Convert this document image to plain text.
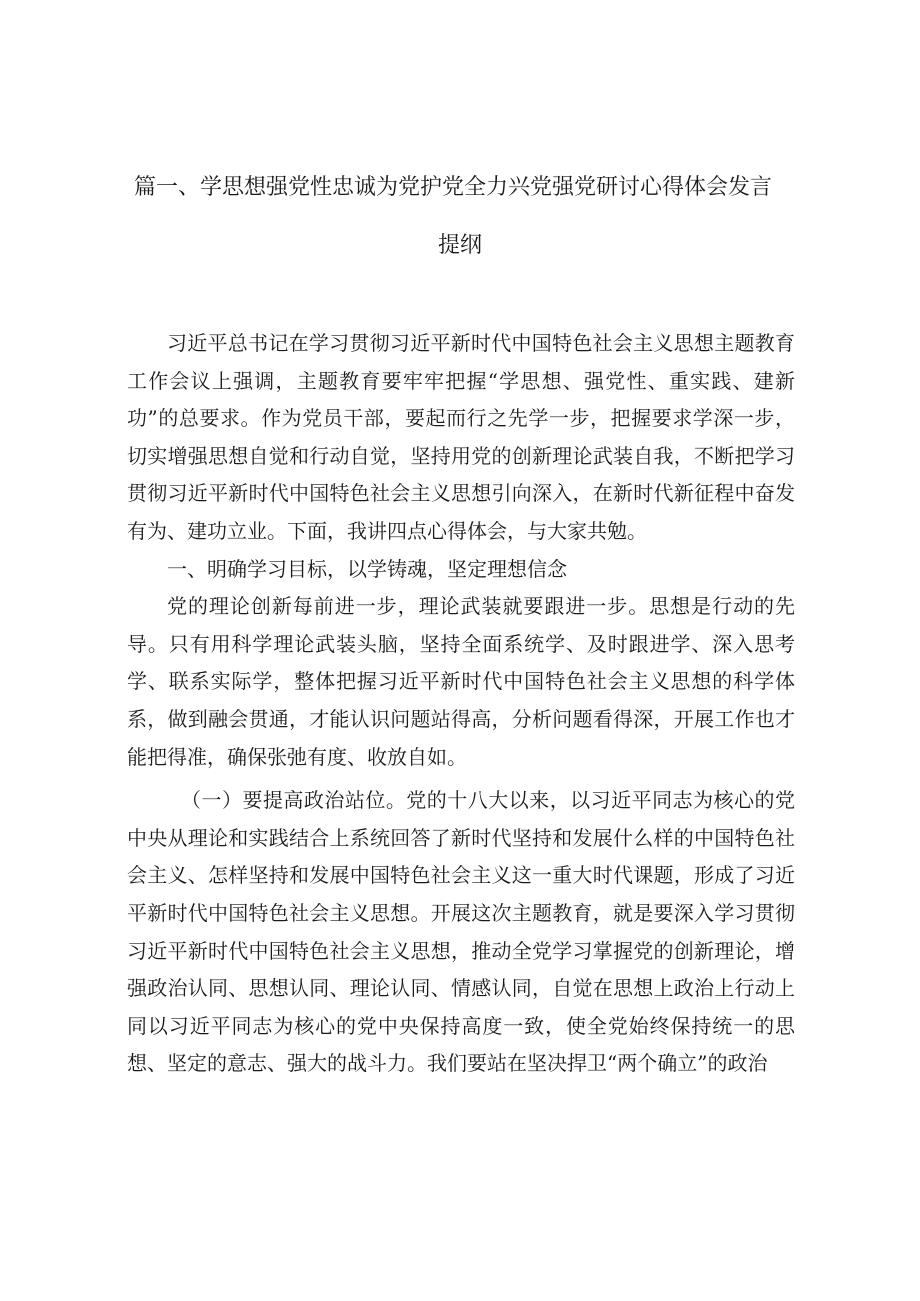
篇一、学思想强党性忠诚为党护党全力兴党强党研讨心得体会发言
提纲

习近平总书记在学习贯彻习近平新时代中国特色社会主义思想主题教育工作会议上强调，主题教育要牢牢把握“学思想、强党性、重实践、建新功”的总要求。作为党员干部，要起而行之先学一步，把握要求学深一步，切实增强思想自觉和行动自觉，坚持用党的创新理论武装自我，不断把学习贯彻习近平新时代中国特色社会主义思想引向深入，在新时代新征程中奋发有为、建功立业。下面，我讲四点心得体会，与大家共勉。

一、明确学习目标，以学铸魂，坚定理想信念

党的理论创新每前进一步，理论武装就要跟进一步。思想是行动的先导。只有用科学理论武装头脑，坚持全面系统学、及时跟进学、深入思考学、联系实际学，整体把握习近平新时代中国特色社会主义思想的科学体系，做到融会贯通，才能认识问题站得高，分析问题看得深，开展工作也才能把得准，确保张弛有度、收放自如。

（一）要提高政治站位。党的十八大以来，以习近平同志为核心的党中央从理论和实践结合上系统回答了新时代坚持和发展什么样的中国特色社会主义、怎样坚持和发展中国特色社会主义这一重大时代课题，形成了习近平新时代中国特色社会主义思想。开展这次主题教育，就是要深入学习贯彻习近平新时代中国特色社会主义思想，推动全党学习掌握党的创新理论，增强政治认同、思想认同、理论认同、情感认同，自觉在思想上政治上行动上同以习近平同志为核心的党中央保持高度一致，使全党始终保持统一的思想、坚定的意志、强大的战斗力。我们要站在坚决捍卫“两个确立”的政治
